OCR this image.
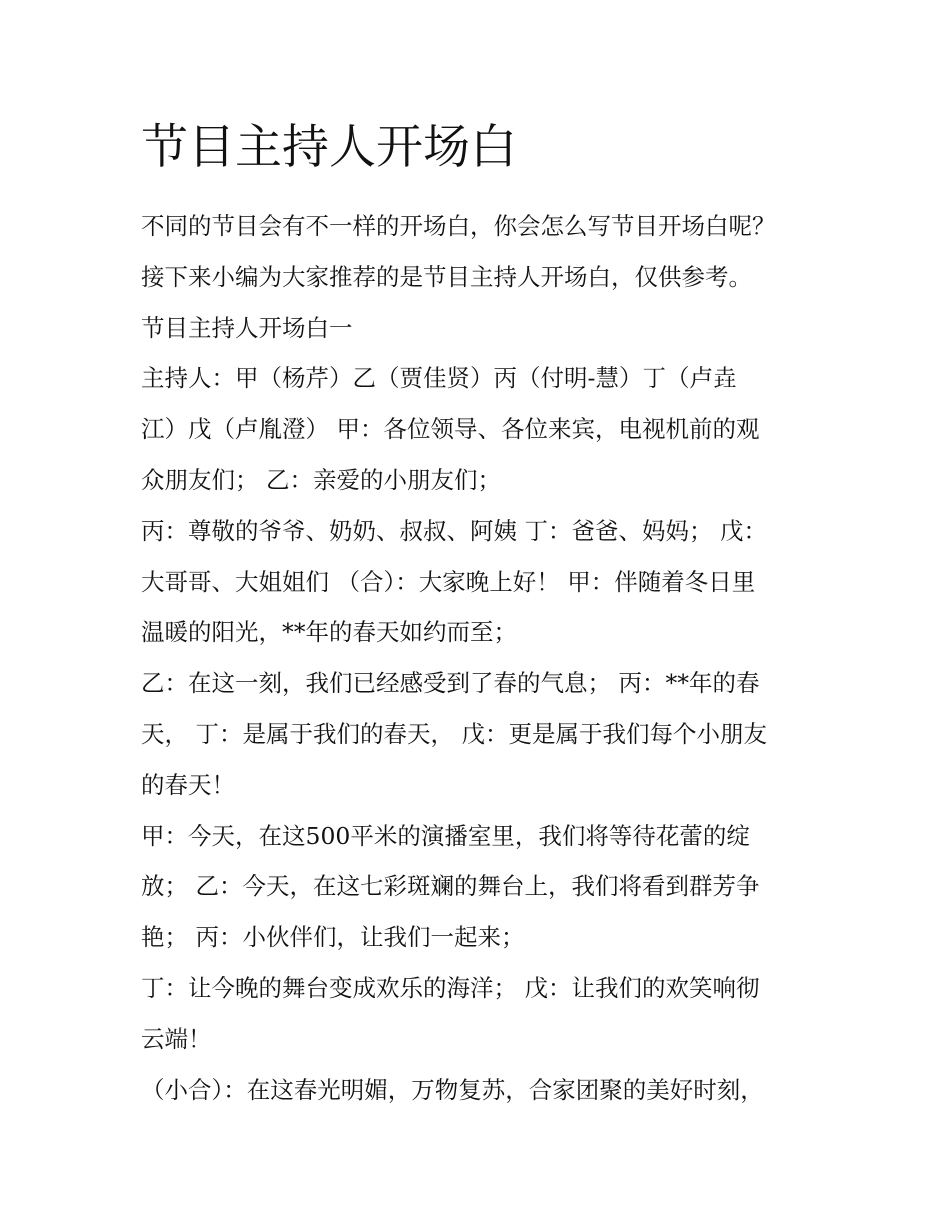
节目主持人开场白
不同的节目会有不一样的开场白，你会怎么写节目开场白呢？
接下来小编为大家推荐的是节目主持人开场白，仅供参考。
节目主持人开场白一
主持人：甲（杨芹）乙（贾佳贤）丙（付明-慧）丁（卢垚
江）戊（卢胤澄） 甲：各位领导、各位来宾，电视机前的观
众朋友们； 乙：亲爱的小朋友们；
丙：尊敬的爷爷、奶奶、叔叔、阿姨 丁：爸爸、妈妈； 戊：
大哥哥、大姐姐们 （合）：大家晚上好！ 甲：伴随着冬日里
温暖的阳光，**年的春天如约而至；
乙：在这一刻，我们已经感受到了春的气息； 丙：**年的春
天， 丁：是属于我们的春天， 戊：更是属于我们每个小朋友
的春天！
甲：今天，在这500平米的演播室里，我们将等待花蕾的绽
放； 乙：今天，在这七彩斑斓的舞台上，我们将看到群芳争
艳； 丙：小伙伴们，让我们一起来；
丁：让今晚的舞台变成欢乐的海洋； 戊：让我们的欢笑响彻
云端！
（小合）：在这春光明媚，万物复苏，合家团聚的美好时刻，
